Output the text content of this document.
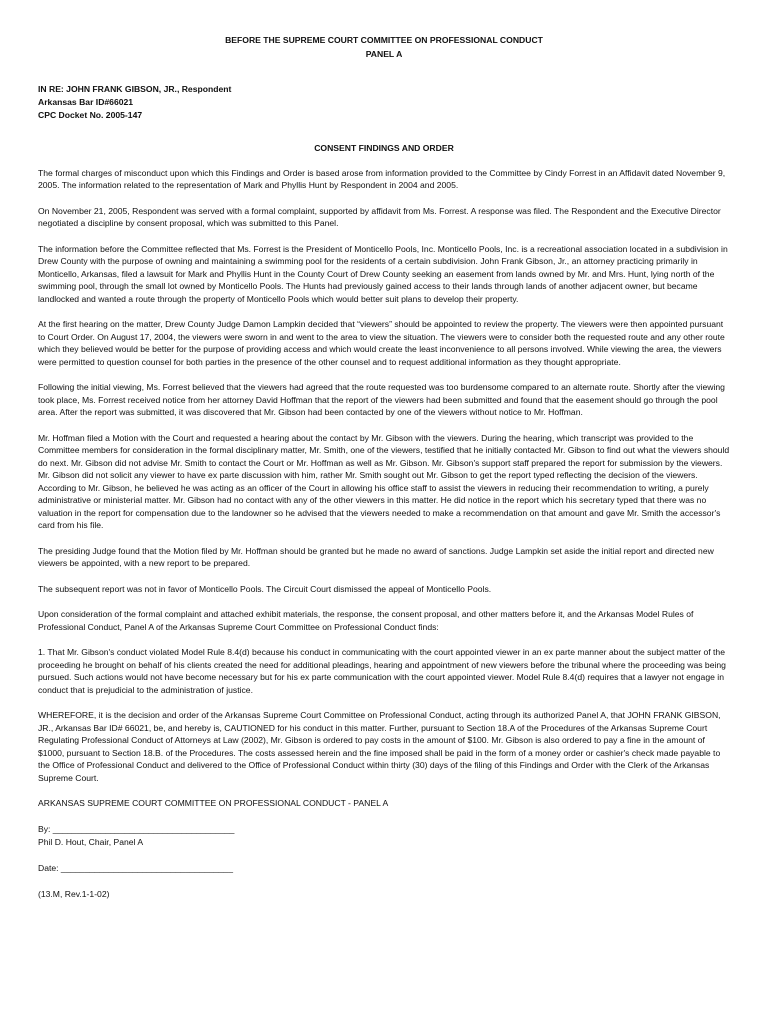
BEFORE THE SUPREME COURT COMMITTEE ON PROFESSIONAL CONDUCT
PANEL A
IN RE: JOHN FRANK GIBSON, JR., Respondent
Arkansas Bar ID#66021
CPC Docket No. 2005-147
CONSENT FINDINGS AND ORDER

The formal charges of misconduct upon which this Findings and Order is based arose from information provided to the Committee by Cindy Forrest in an Affidavit dated November 9, 2005. The information related to the representation of Mark and Phyllis Hunt by Respondent in 2004 and 2005.

On November 21, 2005, Respondent was served with a formal complaint, supported by affidavit from Ms. Forrest. A response was filed. The Respondent and the Executive Director negotiated a discipline by consent proposal, which was submitted to this Panel.

The information before the Committee reflected that Ms. Forrest is the President of Monticello Pools, Inc. Monticello Pools, Inc. is a recreational association located in a subdivision in Drew County with the purpose of owning and maintaining a swimming pool for the residents of a certain subdivision. John Frank Gibson, Jr., an attorney practicing primarily in Monticello, Arkansas, filed a lawsuit for Mark and Phyllis Hunt in the County Court of Drew County seeking an easement from lands owned by Mr. and Mrs. Hunt, lying north of the swimming pool, through the small lot owned by Monticello Pools. The Hunts had previously gained access to their lands through lands of another adjacent owner, but became landlocked and wanted a route through the property of Monticello Pools which would better suit plans to develop their property.

At the first hearing on the matter, Drew County Judge Damon Lampkin decided that “viewers” should be appointed to review the property. The viewers were then appointed pursuant to Court Order. On August 17, 2004, the viewers were sworn in and went to the area to view the situation. The viewers were to consider both the requested route and any other route which they believed would be better for the purpose of providing access and which would create the least inconvenience to all persons involved. While viewing the area, the viewers were permitted to question counsel for both parties in the presence of the other counsel and to request additional information as they thought appropriate.

Following the initial viewing, Ms. Forrest believed that the viewers had agreed that the route requested was too burdensome compared to an alternate route. Shortly after the viewing took place, Ms. Forrest received notice from her attorney David Hoffman that the report of the viewers had been submitted and found that the easement should go through the pool area. After the report was submitted, it was discovered that Mr. Gibson had been contacted by one of the viewers without notice to Mr. Hoffman.

Mr. Hoffman filed a Motion with the Court and requested a hearing about the contact by Mr. Gibson with the viewers. During the hearing, which transcript was provided to the Committee members for consideration in the formal disciplinary matter, Mr. Smith, one of the viewers, testified that he initially contacted Mr. Gibson to find out what the viewers should do next. Mr. Gibson did not advise Mr. Smith to contact the Court or Mr. Hoffman as well as Mr. Gibson. Mr. Gibson's support staff prepared the report for submission by the viewers. Mr. Gibson did not solicit any viewer to have ex parte discussion with him, rather Mr. Smith sought out Mr. Gibson to get the report typed reflecting the decision of the viewers. According to Mr. Gibson, he believed he was acting as an officer of the Court in allowing his office staff to assist the viewers in reducing their recommendation to writing, a purely administrative or ministerial matter. Mr. Gibson had no contact with any of the other viewers in this matter. He did notice in the report which his secretary typed that there was no valuation in the report for compensation due to the landowner so he advised that the viewers needed to make a recommendation on that amount and gave Mr. Smith the accessor's card from his file.

The presiding Judge found that the Motion filed by Mr. Hoffman should be granted but he made no award of sanctions. Judge Lampkin set aside the initial report and directed new viewers be appointed, with a new report to be prepared.

The subsequent report was not in favor of Monticello Pools. The Circuit Court dismissed the appeal of Monticello Pools.

Upon consideration of the formal complaint and attached exhibit materials, the response, the consent proposal, and other matters before it, and the Arkansas Model Rules of Professional Conduct, Panel A of the Arkansas Supreme Court Committee on Professional Conduct finds:

1. That Mr. Gibson's conduct violated Model Rule 8.4(d) because his conduct in communicating with the court appointed viewer in an ex parte manner about the subject matter of the proceeding he brought on behalf of his clients created the need for additional pleadings, hearing and appointment of new viewers before the tribunal where the proceeding was being pursued. Such actions would not have become necessary but for his ex parte communication with the court appointed viewer. Model Rule 8.4(d) requires that a lawyer not engage in conduct that is prejudicial to the administration of justice.

WHEREFORE, it is the decision and order of the Arkansas Supreme Court Committee on Professional Conduct, acting through its authorized Panel A, that JOHN FRANK GIBSON, JR., Arkansas Bar ID# 66021, be, and hereby is, CAUTIONED for his conduct in this matter. Further, pursuant to Section 18.A of the Procedures of the Arkansas Supreme Court Regulating Professional Conduct of Attorneys at Law (2002), Mr. Gibson is ordered to pay costs in the amount of $100. Mr. Gibson is also ordered to pay a fine in the amount of $1000, pursuant to Section 18.B. of the Procedures. The costs assessed herein and the fine imposed shall be paid in the form of a money order or cashier's check made payable to the Office of Professional Conduct and delivered to the Office of Professional Conduct within thirty (30) days of the filing of this Findings and Order with the Clerk of the Arkansas Supreme Court.

ARKANSAS SUPREME COURT COMMITTEE ON PROFESSIONAL CONDUCT - PANEL A

By: ______________________________________
Phil D. Hout, Chair, Panel A
Date: ____________________________________
(13.M, Rev.1-1-02)
